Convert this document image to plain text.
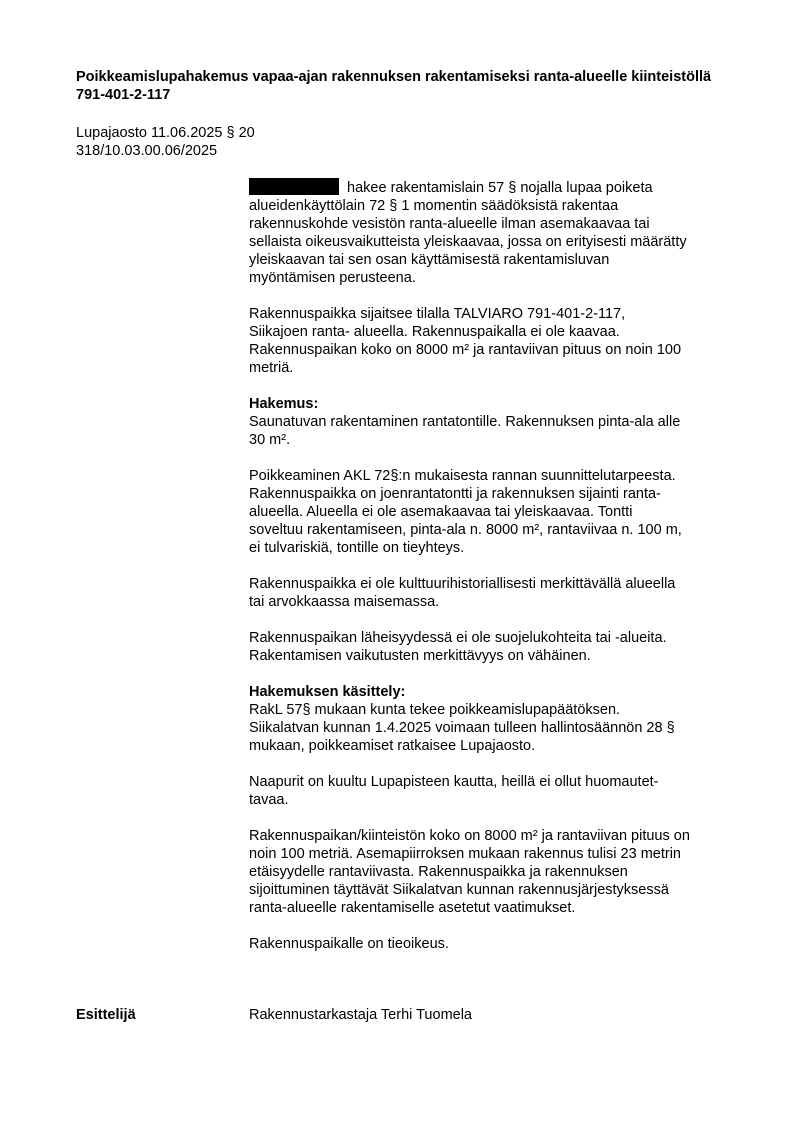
Poikkeamislupahakemus vapaa-ajan rakennuksen rakentamiseksi ranta-alueelle kiinteistöllä 791-401-2-117
Lupajaosto 11.06.2025 § 20
318/10.03.00.06/2025
hakee rakentamislain 57 § nojalla lupaa poiketa
alueidenkäyttölain 72 § 1 momentin säädöksistä rakentaa
rakennuskohde vesistön ranta-alueelle ilman asemakaavaa tai
sellaista oikeusvaikutteista yleiskaavaa, jossa on erityisesti määrätty
yleiskaavan tai sen osan käyttämisestä rakentamisluvan
myöntämisen perusteena.
Rakennuspaikka sijaitsee tilalla TALVIARO 791-401-2-117,
Siikajoen ranta- alueella. Rakennuspaikalla ei ole kaavaa.
Rakennuspaikan koko on 8000 m² ja rantaviivan pituus on noin 100
metriä.
Hakemus:
Saunatuvan rakentaminen rantatontille. Rakennuksen pinta-ala alle
30 m².
Poikkeaminen AKL 72§:n mukaisesta rannan suunnittelutarpeesta.
Rakennuspaikka on joenrantatontti ja rakennuksen sijainti ranta-
alueella. Alueella ei ole asemakaavaa tai yleiskaavaa. Tontti
soveltuu rakentamiseen, pinta-ala n. 8000 m², rantaviivaa n. 100 m,
ei tulvariskiä, tontille on tieyhteys.
Rakennuspaikka ei ole kulttuurihistoriallisesti merkittävällä alueella
tai arvokkaassa maisemassa.
Rakennuspaikan läheisyydessä ei ole suojelukohteita tai -alueita.
Rakentamisen vaikutusten merkittävyys on vähäinen.
Hakemuksen käsittely:
RakL 57§ mukaan kunta tekee poikkeamislupapäätöksen.
Siikalatvan kunnan 1.4.2025 voimaan tulleen hallintosäännön 28 §
mukaan, poikkeamiset ratkaisee Lupajaosto.
Naapurit on kuultu Lupapisteen kautta, heillä ei ollut huomautet-
tavaa.
Rakennuspaikan/kiinteistön koko on 8000 m² ja rantaviivan pituus on
noin 100 metriä. Asemapiirroksen mukaan rakennus tulisi 23 metrin
etäisyydelle rantaviivasta. Rakennuspaikka ja rakennuksen
sijoittuminen täyttävät Siikalatvan kunnan rakennusjärjestyksessä
ranta-alueelle rakentamiselle asetetut vaatimukset.
Rakennuspaikalle on tieoikeus.
Esittelijä	Rakennustarkastaja Terhi Tuomela
